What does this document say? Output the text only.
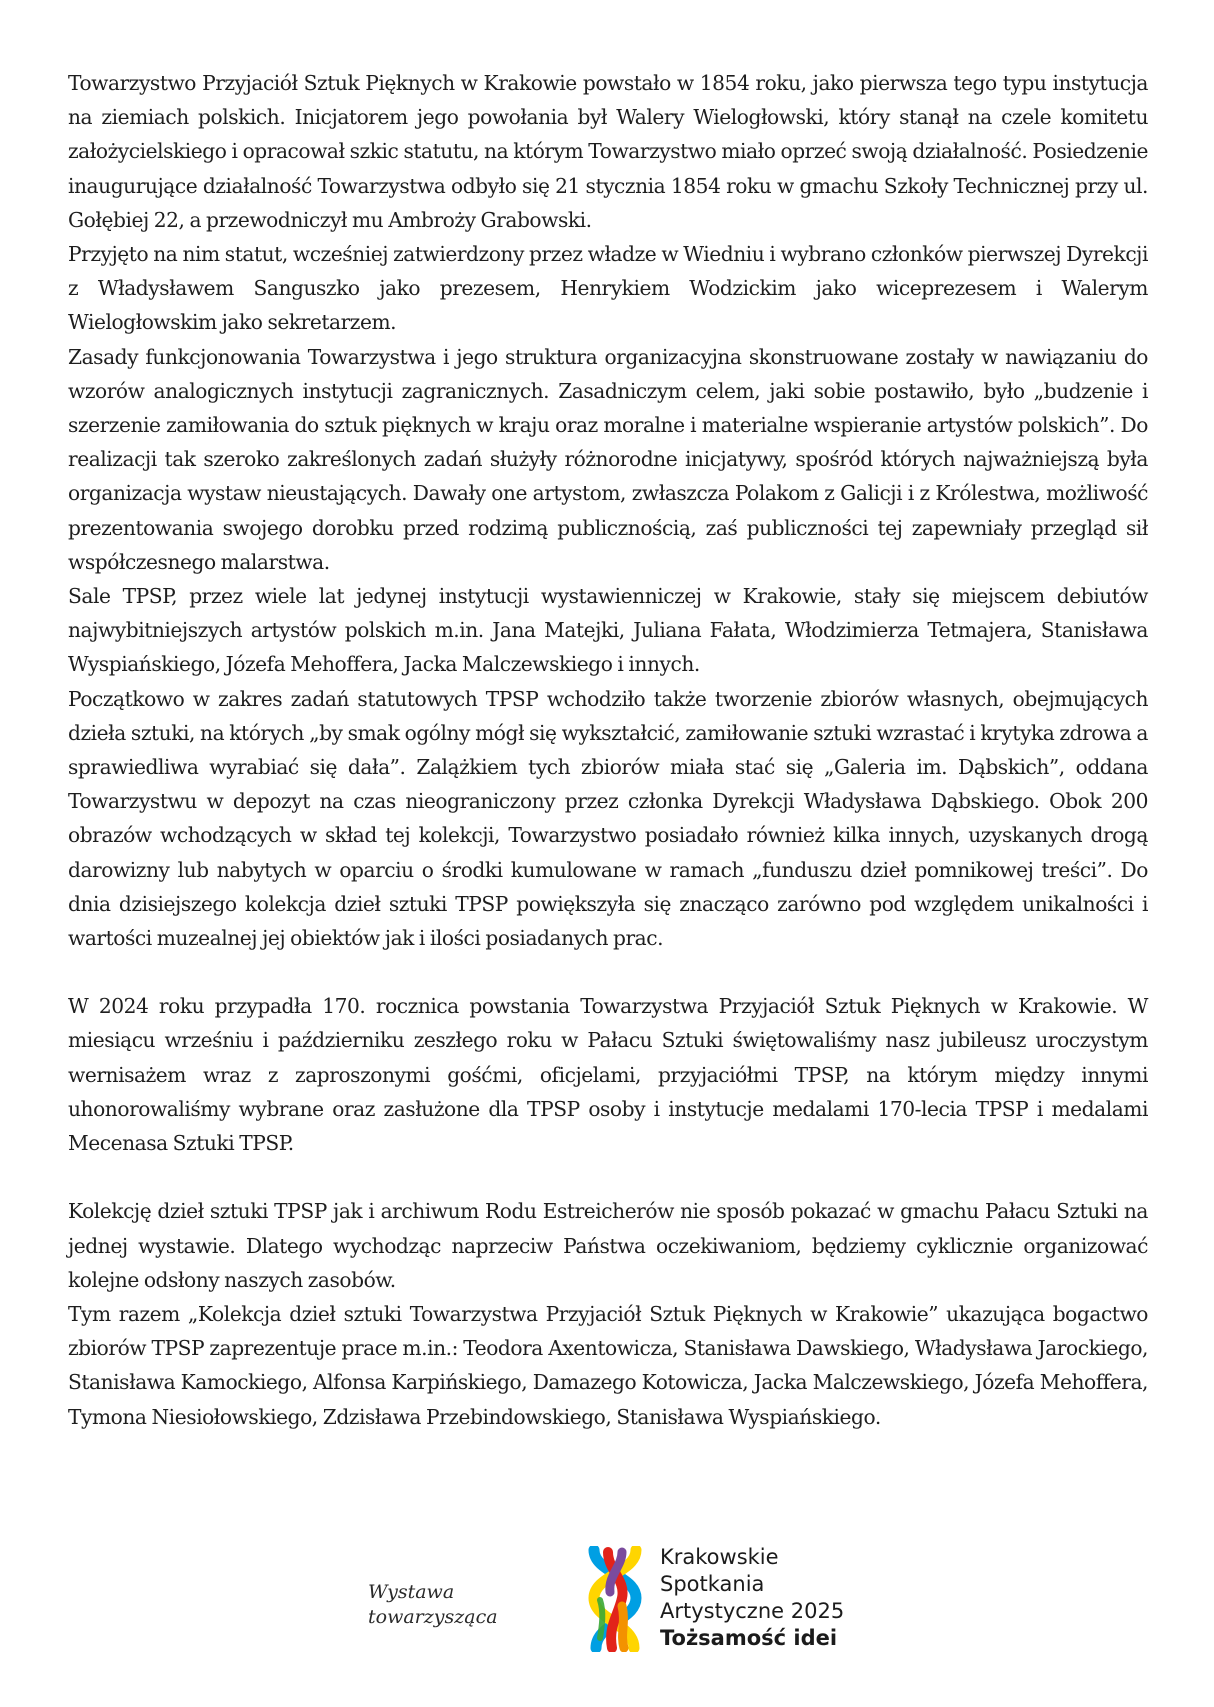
Towarzystwo Przyjaciół Sztuk Pięknych w Krakowie powstało w 1854 roku, jako pierwsza tego typu instytucja na ziemiach polskich. Inicjatorem jego powołania był Walery Wielogłowski, który stanął na czele komitetu założycielskiego i opracował szkic statutu, na którym Towarzystwo miało oprzeć swoją działalność. Posiedzenie inaugurujące działalność Towarzystwa odbyło się 21 stycznia 1854 roku w gmachu Szkoły Technicznej przy ul. Gołębiej 22, a przewodniczył mu Ambroży Grabowski.

Przyjęto na nim statut, wcześniej zatwierdzony przez władze w Wiedniu i wybrano członków pierwszej Dyrekcji z Władysławem Sanguszko jako prezesem, Henrykiem Wodzickim jako wiceprezesem i Walerym Wielogłowskim jako sekretarzem.

Zasady funkcjonowania Towarzystwa i jego struktura organizacyjna skonstruowane zostały w nawiązaniu do wzorów analogicznych instytucji zagranicznych. Zasadniczym celem, jaki sobie postawiło, było „budzenie i szerzenie zamiłowania do sztuk pięknych w kraju oraz moralne i materialne wspieranie artystów polskich”. Do realizacji tak szeroko zakreślonych zadań służyły różnorodne inicjatywy, spośród których najważniejszą była organizacja wystaw nieustających. Dawały one artystom, zwłaszcza Polakom z Galicji i z Królestwa, możliwość prezentowania swojego dorobku przed rodzimą publicznością, zaś publiczności tej zapewniały przegląd sił współczesnego malarstwa.

Sale TPSP, przez wiele lat jedynej instytucji wystawienniczej w Krakowie, stały się miejscem debiutów najwybitniejszych artystów polskich m.in. Jana Matejki, Juliana Fałata, Włodzimierza Tetmajera, Stanisława Wyspiańskiego, Józefa Mehoffera, Jacka Malczewskiego i innych.

Początkowo w zakres zadań statutowych TPSP wchodziło także tworzenie zbiorów własnych, obejmujących dzieła sztuki, na których „by smak ogólny mógł się wykształcić, zamiłowanie sztuki wzrastać i krytyka zdrowa a sprawiedliwa wyrabiać się dała”. Zalążkiem tych zbiorów miała stać się „Galeria im. Dąbskich”, oddana Towarzystwu w depozyt na czas nieograniczony przez członka Dyrekcji Władysława Dąbskiego. Obok 200 obrazów wchodzących w skład tej kolekcji, Towarzystwo posiadało również kilka innych, uzyskanych drogą darowizny lub nabytych w oparciu o środki kumulowane w ramach „funduszu dzieł pomnikowej treści”. Do dnia dzisiejszego kolekcja dzieł sztuki TPSP powiększyła się znacząco zarówno pod względem unikalności i wartości muzealnej jej obiektów jak i ilości posiadanych prac.

W 2024 roku przypadła 170. rocznica powstania Towarzystwa Przyjaciół Sztuk Pięknych w Krakowie. W miesiącu wrześniu i październiku zeszłego roku w Pałacu Sztuki świętowaliśmy nasz jubileusz uroczystym wernisażem wraz z zaproszonymi gośćmi, oficjelami, przyjaciółmi TPSP, na którym między innymi uhonorowaliśmy wybrane oraz zasłużone dla TPSP osoby i instytucje medalami 170-lecia TPSP i medalami Mecenasa Sztuki TPSP.

Kolekcję dzieł sztuki TPSP jak i archiwum Rodu Estreicherów nie sposób pokazać w gmachu Pałacu Sztuki na jednej wystawie. Dlatego wychodząc naprzeciw Państwa oczekiwaniom, będziemy cyklicznie organizować kolejne odsłony naszych zasobów.

Tym razem „Kolekcja dzieł sztuki Towarzystwa Przyjaciół Sztuk Pięknych w Krakowie” ukazująca bogactwo zbiorów TPSP zaprezentuje prace m.in.: Teodora Axentowicza, Stanisława Dawskiego, Władysława Jarockiego, Stanisława Kamockiego, Alfonsa Karpińskiego, Damazego Kotowicza, Jacka Malczewskiego, Józefa Mehoffera, Tymona Niesiołowskiego, Zdzisława Przebindowskiego, Stanisława Wyspiańskiego.

Wystawa
towarzysząca
Krakowskie
Spotkania
Artystyczne 2025
Tożsamość idei
